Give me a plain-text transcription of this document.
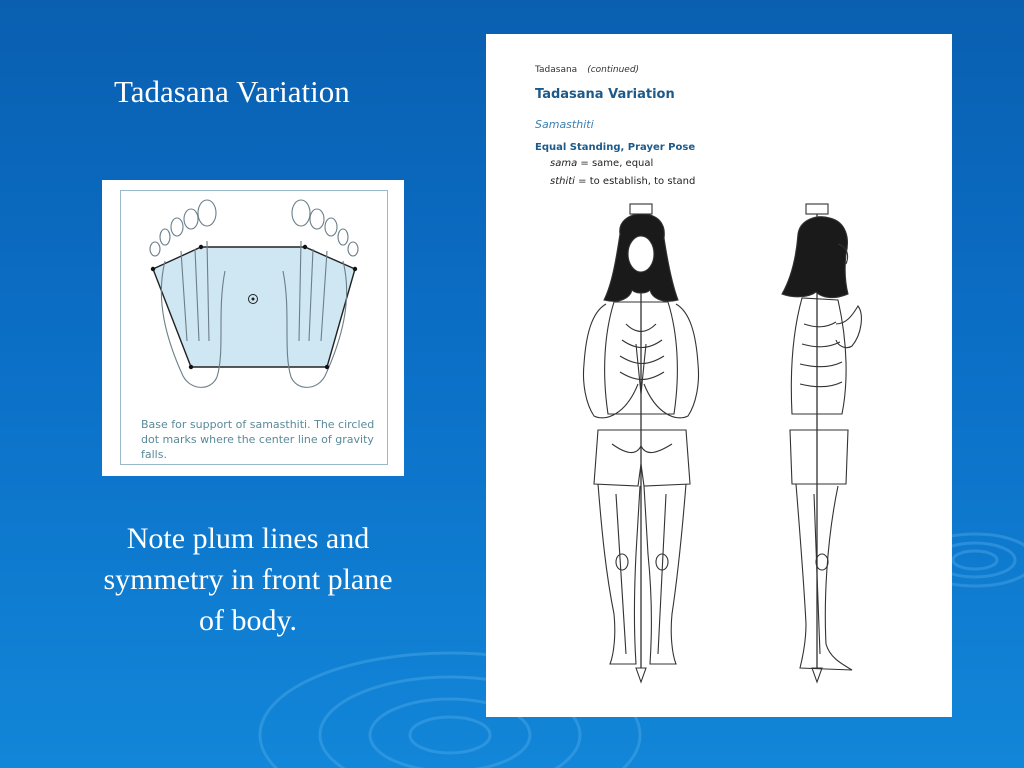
Tadasana Variation
Base for support of samasthiti. The circled dot marks where the center line of gravity falls.
Note plum lines and symmetry in front plane of body.
Tadasana (continued)
Tadasana Variation
Samasthiti
Equal Standing, Prayer Pose
sama = same, equal
sthiti = to establish, to stand
